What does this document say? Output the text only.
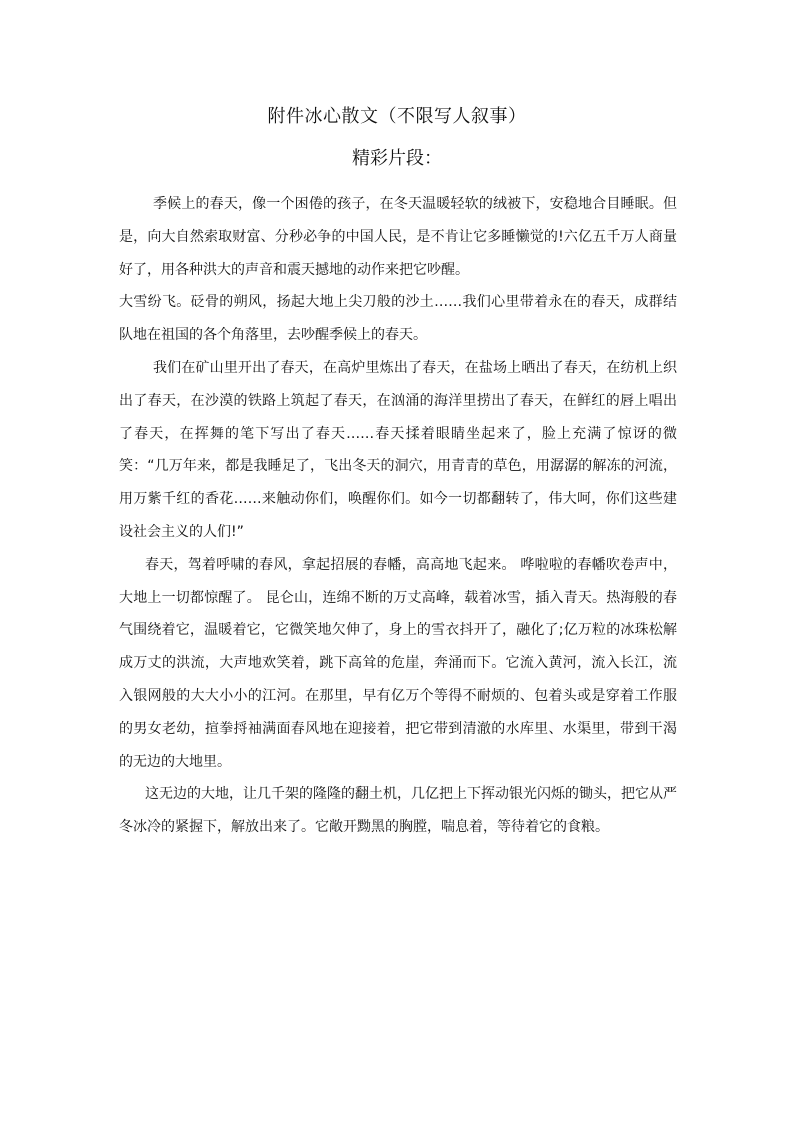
附件冰心散文（不限写人叙事）
精彩片段：

季候上的春天，像一个困倦的孩子，在冬天温暖轻软的绒被下，安稳地合目睡眠。但是，向大自然索取财富、分秒必争的中国人民，是不肯让它多睡懒觉的!六亿五千万人商量好了，用各种洪大的声音和震天撼地的动作来把它吵醒。

大雪纷飞。砭骨的朔风，扬起大地上尖刀般的沙土……我们心里带着永在的春天，成群结队地在祖国的各个角落里，去吵醒季候上的春天。

我们在矿山里开出了春天，在高炉里炼出了春天，在盐场上晒出了春天，在纺机上织出了春天，在沙漠的铁路上筑起了春天，在汹涌的海洋里捞出了春天，在鲜红的唇上唱出了春天，在挥舞的笔下写出了春天……春天揉着眼睛坐起来了，脸上充满了惊讶的微笑：“几万年来，都是我睡足了，飞出冬天的洞穴，用青青的草色，用潺潺的解冻的河流，用万紫千红的香花……来触动你们，唤醒你们。如今一切都翻转了，伟大呵，你们这些建设社会主义的人们!”

春天，驾着呼啸的春风，拿起招展的春幡，高高地飞起来。 哗啦啦的春幡吹卷声中，大地上一切都惊醒了。 昆仑山，连绵不断的万丈高峰，载着冰雪，插入青天。热海般的春气围绕着它，温暖着它，它微笑地欠伸了，身上的雪衣抖开了，融化了;亿万粒的冰珠松解成万丈的洪流，大声地欢笑着，跳下高耸的危崖，奔涌而下。它流入黄河，流入长江，流入银网般的大大小小的江河。在那里，早有亿万个等得不耐烦的、包着头或是穿着工作服的男女老幼，揎拳捋袖满面春风地在迎接着，把它带到清澈的水库里、水渠里，带到干渴的无边的大地里。

这无边的大地，让几千架的隆隆的翻土机，几亿把上下挥动银光闪烁的锄头，把它从严冬冰冷的紧握下，解放出来了。它敞开黝黑的胸膛，喘息着，等待着它的食粮。
